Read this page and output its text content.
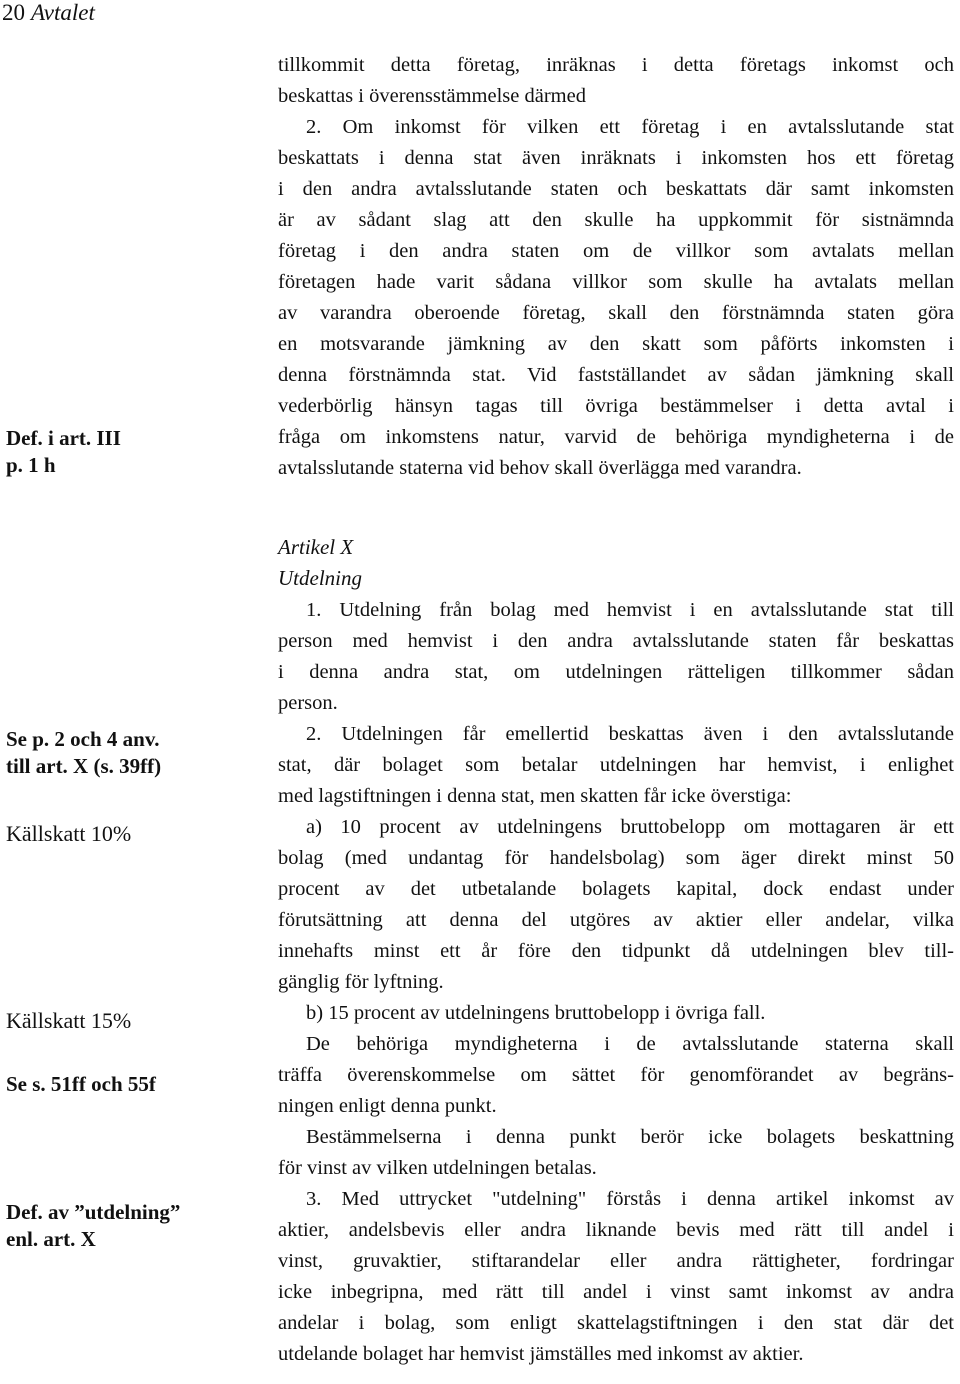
20 Avtalet
Def. i art. III
p. 1 h
Se p. 2 och 4 anv.
till art. X (s. 39ff)
Källskatt 10%
Källskatt 15%
Se s. 51ff och 55f
Def. av ”utdelning”
enl. art. X

tillkommit detta företag, inräknas i detta företags inkomst och

beskattas i överensstämmelse därmed

2. Om inkomst för vilken ett företag i en avtalsslutande stat

beskattats i denna stat även inräknats i inkomsten hos ett företag

i den andra avtalsslutande staten och beskattats där samt inkomsten

är av sådant slag att den skulle ha uppkommit för sistnämnda

företag i den andra staten om de villkor som avtalats mellan

företagen hade varit sådana villkor som skulle ha avtalats mellan

av varandra oberoende företag, skall den förstnämnda staten göra

en motsvarande jämkning av den skatt som påförts inkomsten i

denna förstnämnda stat. Vid fastställandet av sådan jämkning skall

vederbörlig hänsyn tagas till övriga bestämmelser i detta avtal i

fråga om inkomstens natur, varvid de behöriga myndigheterna i de

avtalsslutande staterna vid behov skall överlägga med varandra.

Artikel X
Utdelning

1. Utdelning från bolag med hemvist i en avtalsslutande stat till

person med hemvist i den andra avtalsslutande staten får beskattas

i denna andra stat, om utdelningen rätteligen tillkommer sådan

person.

2. Utdelningen får emellertid beskattas även i den avtalsslutande

stat, där bolaget som betalar utdelningen har hemvist, i enlighet

med lagstiftningen i denna stat, men skatten får icke överstiga:

a) 10 procent av utdelningens bruttobelopp om mottagaren är ett

bolag (med undantag för handelsbolag) som äger direkt minst 50

procent av det utbetalande bolagets kapital, dock endast under

förutsättning att denna del utgöres av aktier eller andelar, vilka

innehafts minst ett år före den tidpunkt då utdelningen blev till-

gänglig för lyftning.

b) 15 procent av utdelningens bruttobelopp i övriga fall.

De behöriga myndigheterna i de avtalsslutande staterna skall

träffa överenskommelse om sättet för genomförandet av begräns-

ningen enligt denna punkt.

Bestämmelserna i denna punkt berör icke bolagets beskattning

för vinst av vilken utdelningen betalas.

3. Med uttrycket "utdelning" förstås i denna artikel inkomst av

aktier, andelsbevis eller andra liknande bevis med rätt till andel i

vinst, gruvaktier, stiftarandelar eller andra rättigheter, fordringar

icke inbegripna, med rätt till andel i vinst samt inkomst av andra

andelar i bolag, som enligt skattelagstiftningen i den stat där det

utdelande bolaget har hemvist jämställes med inkomst av aktier.
